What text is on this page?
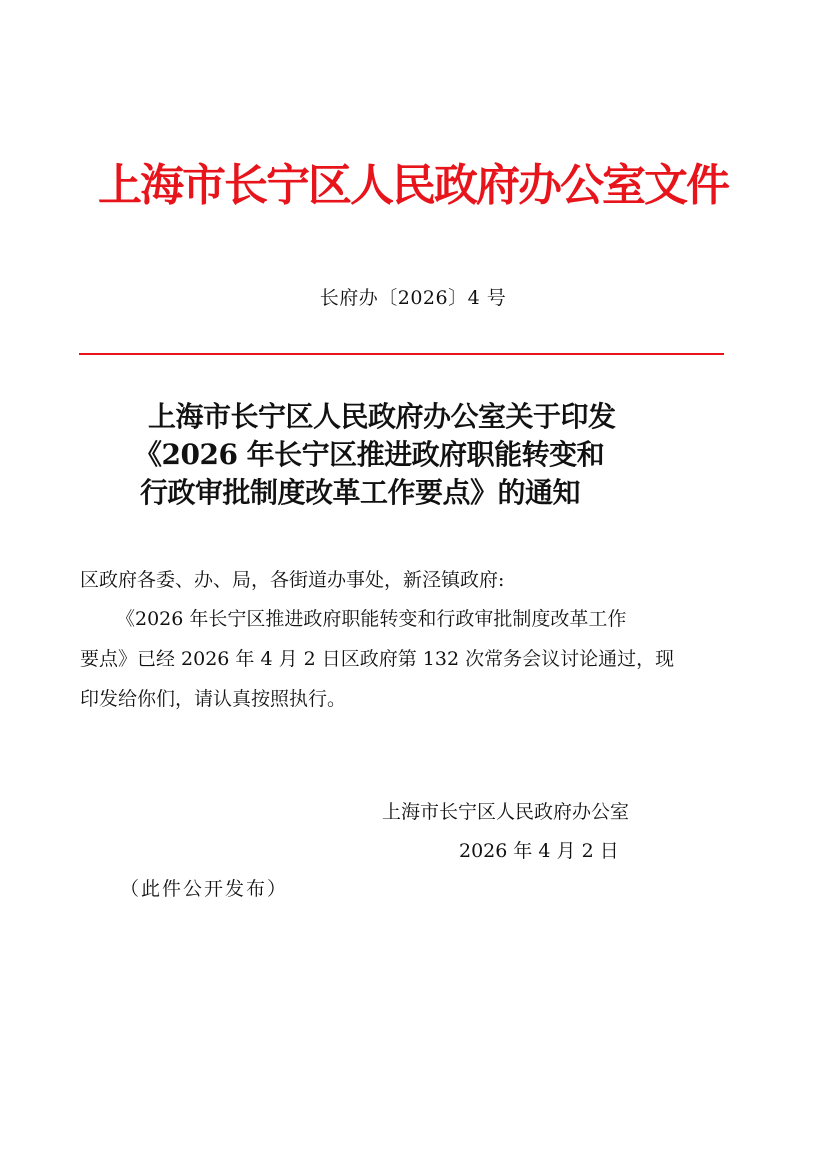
上海市长宁区人民政府办公室文件
长府办〔2026〕4 号
上海市长宁区人民政府办公室关于印发
《2026 年长宁区推进政府职能转变和
行政审批制度改革工作要点》的通知
区政府各委、办、局，各街道办事处，新泾镇政府:
《2026 年长宁区推进政府职能转变和行政审批制度改革工作
要点》已经 2026 年 4 月 2 日区政府第 132 次常务会议讨论通过，现
印发给你们，请认真按照执行。
上海市长宁区人民政府办公室
2026 年 4 月 2 日
（此件公开发布）
